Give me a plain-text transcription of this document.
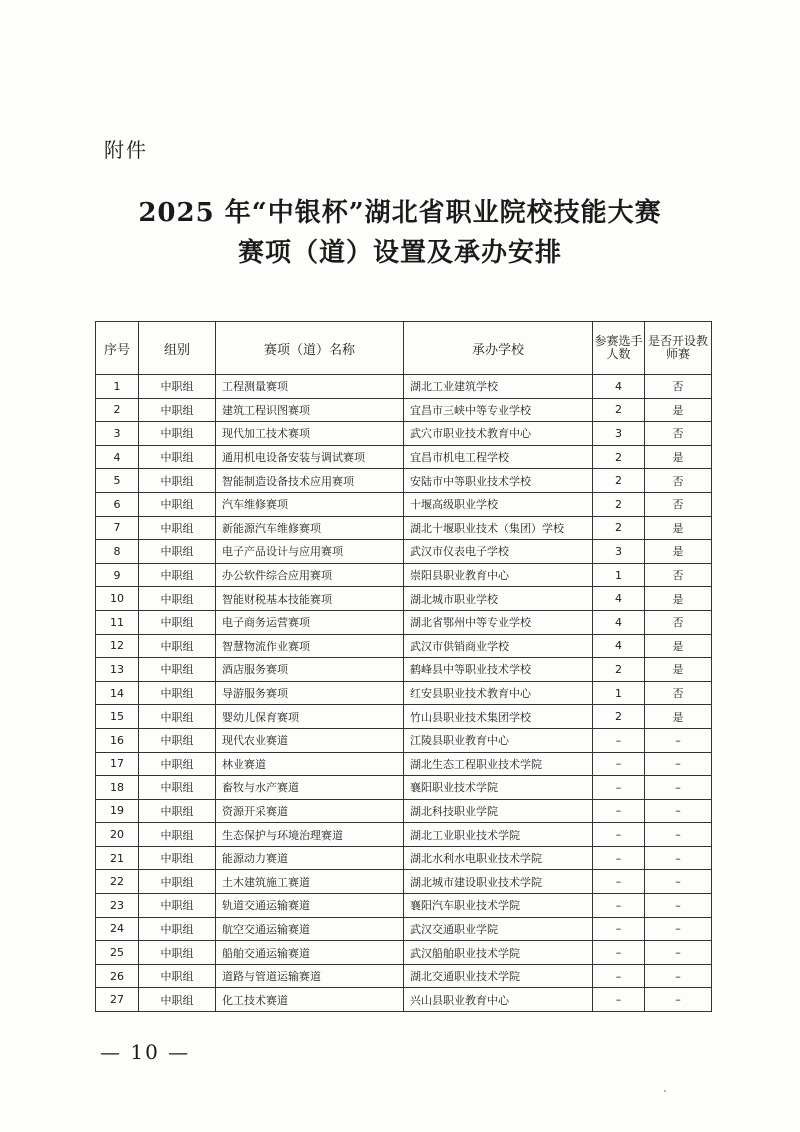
附件
2025 年“中银杯”湖北省职业院校技能大赛
赛项（道）设置及承办安排
序号	组别	赛项（道）名称	承办学校	参赛选手人数	是否开设教师赛
1	中职组	工程测量赛项	湖北工业建筑学校	4	否
2	中职组	建筑工程识图赛项	宜昌市三峡中等专业学校	2	是
3	中职组	现代加工技术赛项	武穴市职业技术教育中心	3	否
4	中职组	通用机电设备安装与调试赛项	宜昌市机电工程学校	2	是
5	中职组	智能制造设备技术应用赛项	安陆市中等职业技术学校	2	否
6	中职组	汽车维修赛项	十堰高级职业学校	2	否
7	中职组	新能源汽车维修赛项	湖北十堰职业技术（集团）学校	2	是
8	中职组	电子产品设计与应用赛项	武汉市仪表电子学校	3	是
9	中职组	办公软件综合应用赛项	崇阳县职业教育中心	1	否
10	中职组	智能财税基本技能赛项	湖北城市职业学校	4	是
11	中职组	电子商务运营赛项	湖北省鄂州中等专业学校	4	否
12	中职组	智慧物流作业赛项	武汉市供销商业学校	4	是
13	中职组	酒店服务赛项	鹤峰县中等职业技术学校	2	是
14	中职组	导游服务赛项	红安县职业技术教育中心	1	否
15	中职组	婴幼儿保育赛项	竹山县职业技术集团学校	2	是
16	中职组	现代农业赛道	江陵县职业教育中心	–	–
17	中职组	林业赛道	湖北生态工程职业技术学院	–	–
18	中职组	畜牧与水产赛道	襄阳职业技术学院	–	–
19	中职组	资源开采赛道	湖北科技职业学院	–	–
20	中职组	生态保护与环境治理赛道	湖北工业职业技术学院	–	–
21	中职组	能源动力赛道	湖北水利水电职业技术学院	–	–
22	中职组	土木建筑施工赛道	湖北城市建设职业技术学院	–	–
23	中职组	轨道交通运输赛道	襄阳汽车职业技术学院	–	–
24	中职组	航空交通运输赛道	武汉交通职业学院	–	–
25	中职组	船舶交通运输赛道	武汉船舶职业技术学院	–	–
26	中职组	道路与管道运输赛道	湖北交通职业技术学院	–	–
27	中职组	化工技术赛道	兴山县职业教育中心	–	–
— 10 —
